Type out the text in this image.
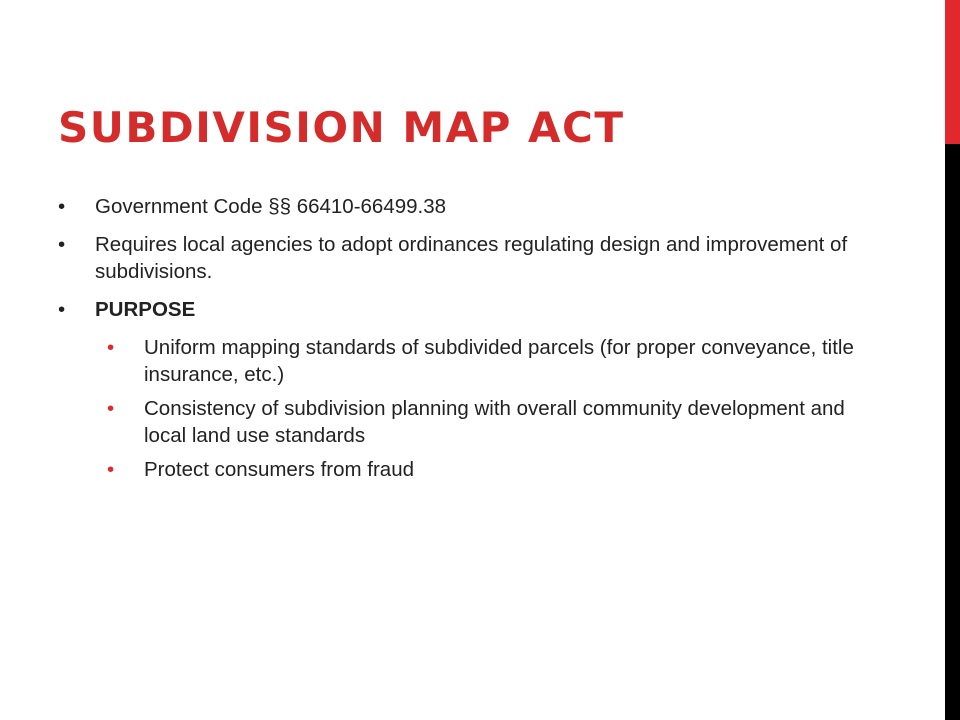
SUBDIVISION MAP ACT
• Government Code §§ 66410-66499.38
• Requires local agencies to adopt ordinances regulating design and improvement of subdivisions.
• PURPOSE
• Uniform mapping standards of subdivided parcels (for proper conveyance, title insurance, etc.)
• Consistency of subdivision planning with overall community development and local land use standards
• Protect consumers from fraud
